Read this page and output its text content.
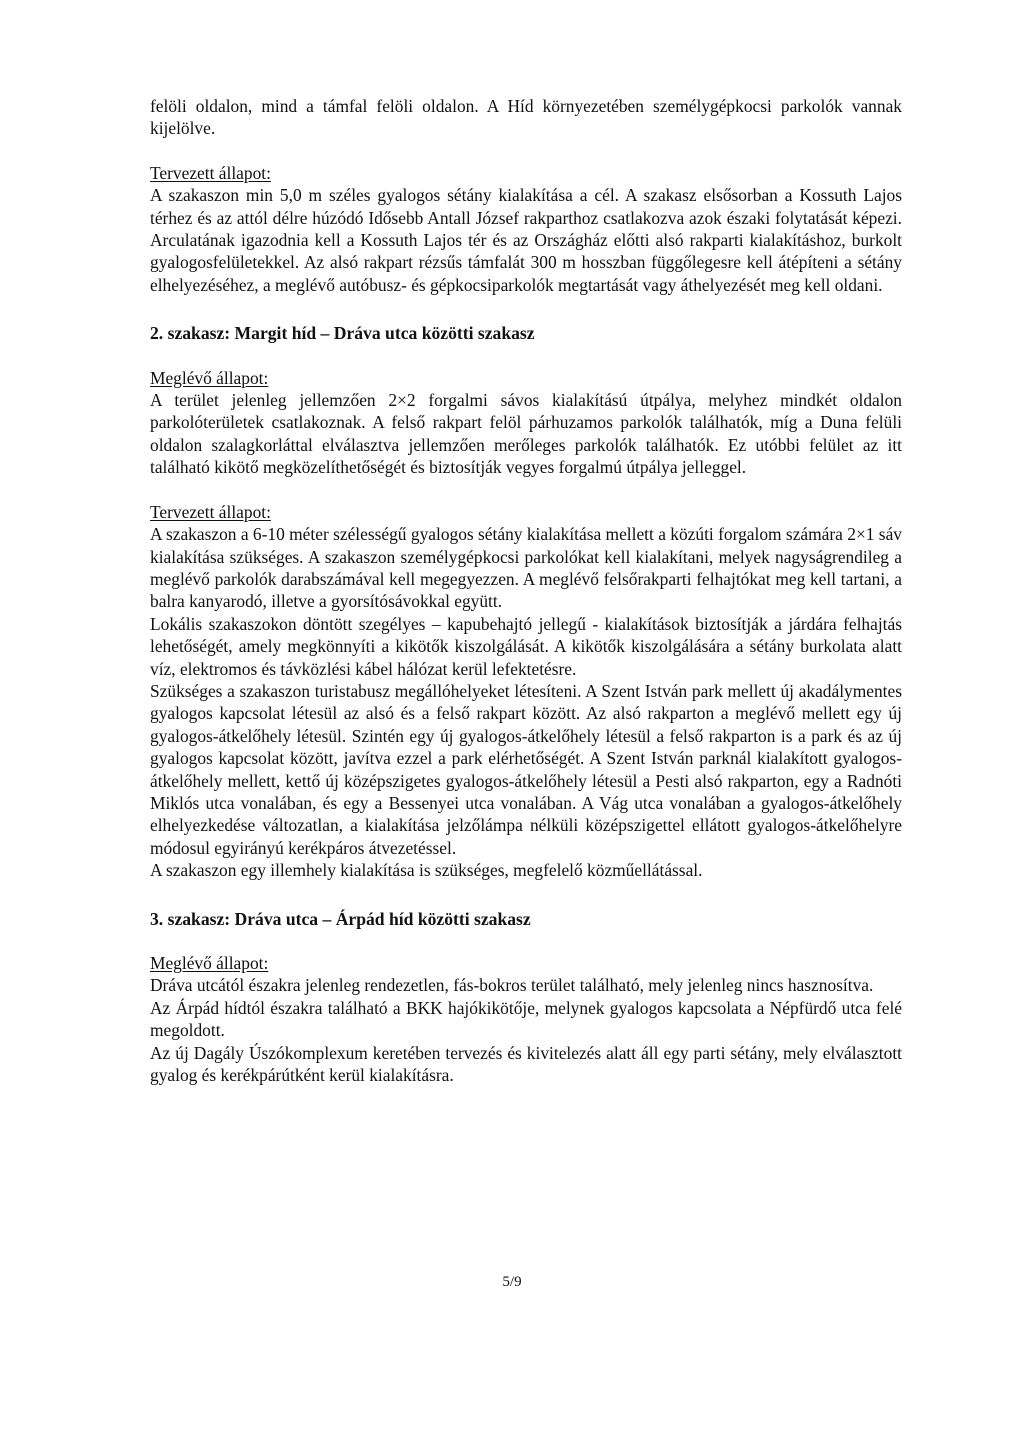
felöli oldalon, mind a támfal felöli oldalon. A Híd környezetében személygépkocsi parkolók vannak kijelölve.

Tervezett állapot:

A szakaszon min 5,0 m széles gyalogos sétány kialakítása a cél. A szakasz elsősorban a Kossuth Lajos térhez és az attól délre húzódó Idősebb Antall József rakparthoz csatlakozva azok északi folytatását képezi. Arculatának igazodnia kell a Kossuth Lajos tér és az Országház előtti alsó rakparti kialakításhoz, burkolt gyalogosfelületekkel. Az alsó rakpart rézsűs támfalát 300 m hosszban függőlegesre kell átépíteni a sétány elhelyezéséhez, a meglévő autóbusz- és gépkocsiparkolók megtartását vagy áthelyezését meg kell oldani.

2. szakasz: Margit híd – Dráva utca közötti szakasz

Meglévő állapot:

A terület jelenleg jellemzően 2×2 forgalmi sávos kialakítású útpálya, melyhez mindkét oldalon parkolóterületek csatlakoznak. A felső rakpart felöl párhuzamos parkolók találhatók, míg a Duna felüli oldalon szalagkorláttal elválasztva jellemzően merőleges parkolók találhatók. Ez utóbbi felület az itt található kikötő megközelíthetőségét és biztosítják vegyes forgalmú útpálya jelleggel.

Tervezett állapot:

A szakaszon a 6-10 méter szélességű gyalogos sétány kialakítása mellett a közúti forgalom számára 2×1 sáv kialakítása szükséges. A szakaszon személygépkocsi parkolókat kell kialakítani, melyek nagyságrendileg a meglévő parkolók darabszámával kell megegyezzen. A meglévő felsőrakparti felhajtókat meg kell tartani, a balra kanyarodó, illetve a gyorsítósávokkal együtt.

Lokális szakaszokon döntött szegélyes – kapubehajtó jellegű - kialakítások biztosítják a járdára felhajtás lehetőségét, amely megkönnyíti a kikötők kiszolgálását. A kikötők kiszolgálására a sétány burkolata alatt víz, elektromos és távközlési kábel hálózat kerül lefektetésre.

Szükséges a szakaszon turistabusz megállóhelyeket létesíteni. A Szent István park mellett új akadálymentes gyalogos kapcsolat létesül az alsó és a felső rakpart között. Az alsó rakparton a meglévő mellett egy új gyalogos-átkelőhely létesül. Szintén egy új gyalogos-átkelőhely létesül a felső rakparton is a park és az új gyalogos kapcsolat között, javítva ezzel a park elérhetőségét. A Szent István parknál kialakított gyalogos-átkelőhely mellett, kettő új középszigetes gyalogos-átkelőhely létesül a Pesti alsó rakparton, egy a Radnóti Miklós utca vonalában, és egy a Bessenyei utca vonalában. A Vág utca vonalában a gyalogos-átkelőhely elhelyezkedése változatlan, a kialakítása jelzőlámpa nélküli középszigettel ellátott gyalogos-átkelőhelyre módosul egyirányú kerékpáros átvezetéssel.

A szakaszon egy illemhely kialakítása is szükséges, megfelelő közműellátással.

3. szakasz: Dráva utca – Árpád híd közötti szakasz

Meglévő állapot:

Dráva utcától északra jelenleg rendezetlen, fás-bokros terület található, mely jelenleg nincs hasznosítva.

Az Árpád hídtól északra található a BKK hajókikötője, melynek gyalogos kapcsolata a Népfürdő utca felé megoldott.

Az új Dagály Úszókomplexum keretében tervezés és kivitelezés alatt áll egy parti sétány, mely elválasztott gyalog és kerékpárútként kerül kialakításra.

5/9
